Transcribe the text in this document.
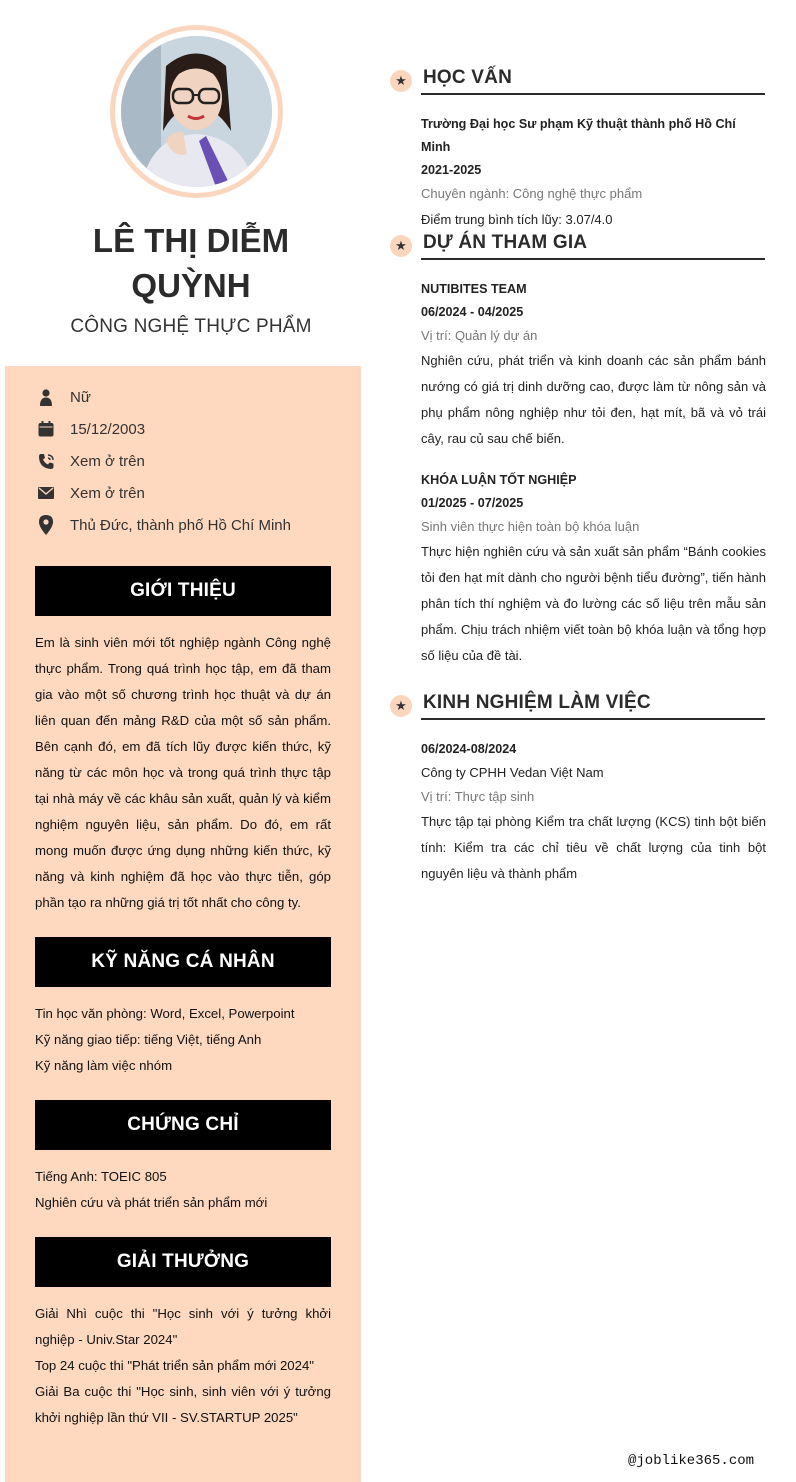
LÊ THỊ DIỄM
QUỲNH
CÔNG NGHỆ THỰC PHẨM
Nữ
15/12/2003
Xem ở trên
Xem ở trên
Thủ Đức, thành phố Hồ Chí Minh
GIỚI THIỆU
Em là sinh viên mới tốt nghiệp ngành Công nghệ thực phẩm. Trong quá trình học tập, em đã tham gia vào một số chương trình học thuật và dự án liên quan đến mảng R&D của một số sản phẩm. Bên cạnh đó, em đã tích lũy được kiến thức, kỹ năng từ các môn học và trong quá trình thực tập tại nhà máy về các khâu sản xuất, quản lý và kiểm nghiệm nguyên liệu, sản phẩm. Do đó, em rất mong muốn được ứng dụng những kiến thức, kỹ năng và kinh nghiệm đã học vào thực tiễn, góp phần tạo ra những giá trị tốt nhất cho công ty.
KỸ NĂNG CÁ NHÂN
Tin học văn phòng: Word, Excel, Powerpoint
Kỹ năng giao tiếp: tiếng Việt, tiếng Anh
Kỹ năng làm việc nhóm
CHỨNG CHỈ
Tiếng Anh: TOEIC 805
Nghiên cứu và phát triển sản phẩm mới
GIẢI THƯỞNG
Giải Nhì cuộc thi "Học sinh với ý tưởng khởi nghiệp - Univ.Star 2024"
Top 24 cuộc thi "Phát triển sản phẩm mới 2024"
Giải Ba cuộc thi "Học sinh, sinh viên với ý tưởng khởi nghiệp lần thứ VII - SV.STARTUP 2025"
★ HỌC VẤN
Trường Đại học Sư phạm Kỹ thuật thành phố Hồ Chí Minh
2021-2025
Chuyên ngành: Công nghệ thực phẩm
Điểm trung bình tích lũy: 3.07/4.0
★ DỰ ÁN THAM GIA
NUTIBITES TEAM
06/2024 - 04/2025
Vị trí: Quản lý dự án
Nghiên cứu, phát triển và kinh doanh các sản phẩm bánh nướng có giá trị dinh dưỡng cao, được làm từ nông sản và phụ phẩm nông nghiệp như tỏi đen, hạt mít, bã và vỏ trái cây, rau củ sau chế biến.
KHÓA LUẬN TỐT NGHIỆP
01/2025 - 07/2025
Sinh viên thực hiện toàn bộ khóa luận
Thực hiện nghiên cứu và sản xuất sản phẩm “Bánh cookies tỏi đen hạt mít dành cho người bệnh tiểu đường”, tiến hành phân tích thí nghiệm và đo lường các số liệu trên mẫu sản phẩm. Chịu trách nhiệm viết toàn bộ khóa luận và tổng hợp số liệu của đề tài.
★ KINH NGHIỆM LÀM VIỆC
06/2024-08/2024
Công ty CPHH Vedan Việt Nam
Vị trí: Thực tập sinh
Thực tập tại phòng Kiểm tra chất lượng (KCS) tinh bột biến tính: Kiểm tra các chỉ tiêu về chất lượng của tinh bột nguyên liệu và thành phẩm
@joblike365.com
